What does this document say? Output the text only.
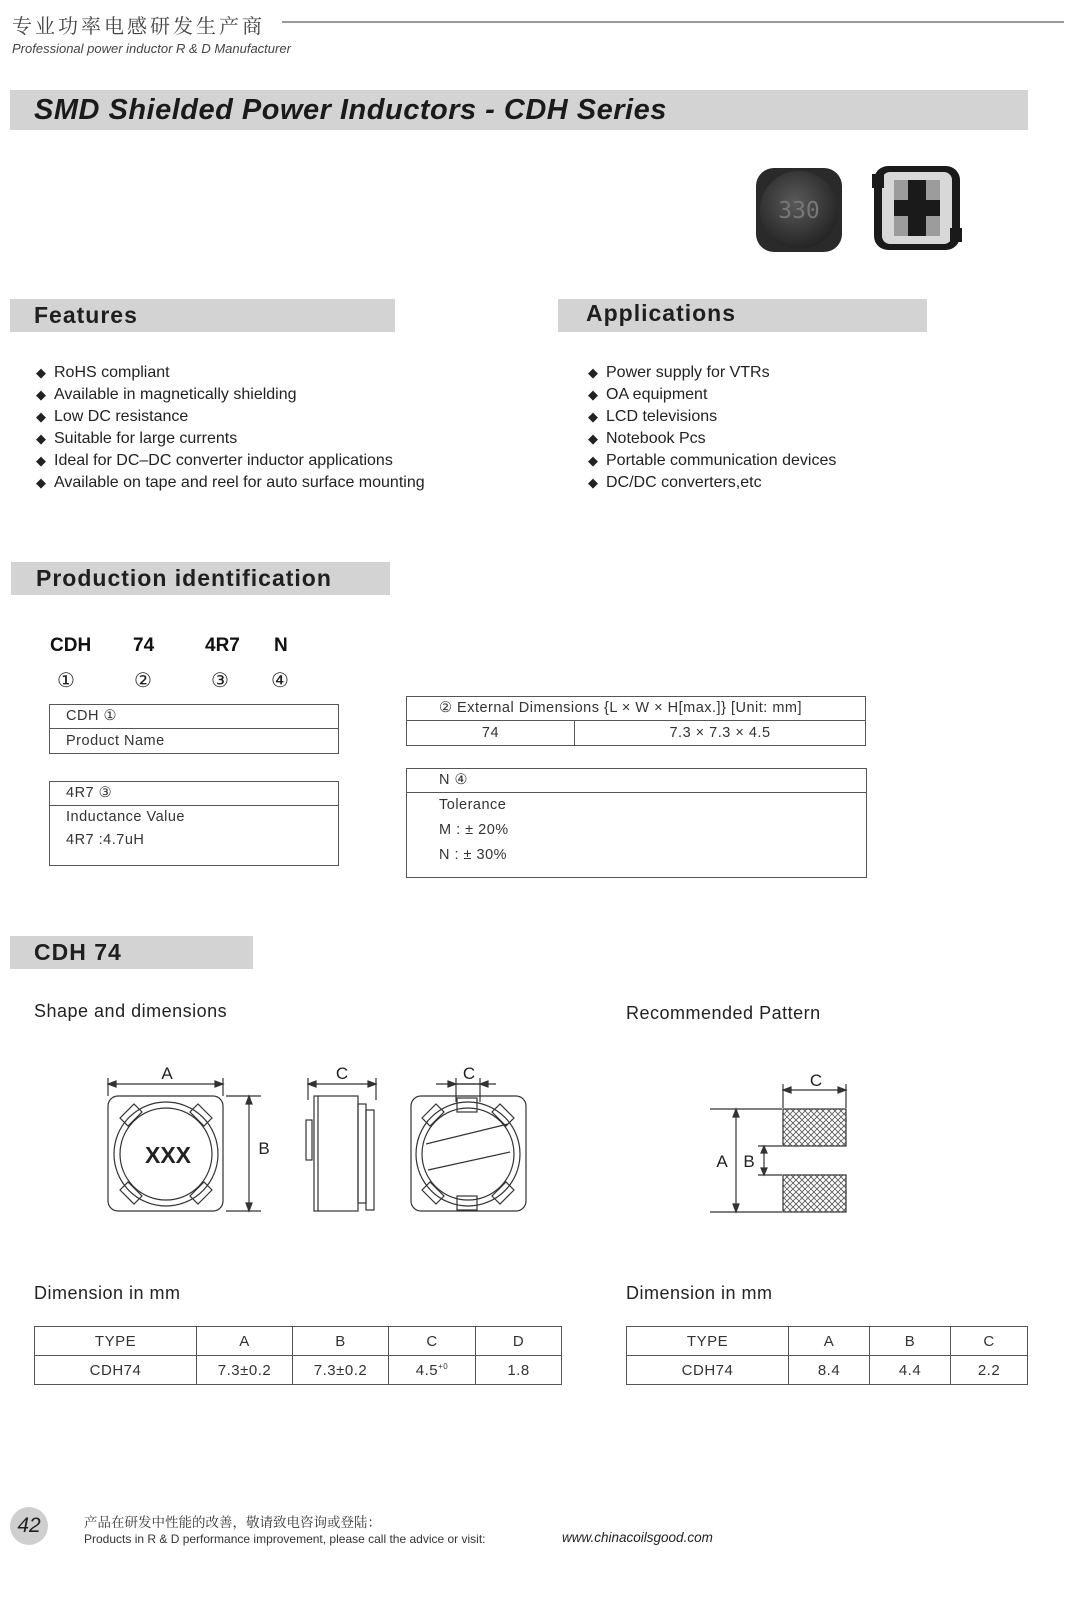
专业功率电感研发生产商
Professional power inductor R & D Manufacturer
SMD Shielded Power Inductors - CDH Series
330
Features
◆ RoHS compliant
◆ Available in magnetically shielding
◆ Low DC resistance
◆ Suitable for large currents
◆ Ideal for DC–DC converter inductor applications
◆ Available on tape and reel for auto surface mounting
Applications
◆ Power supply for VTRs
◆ OA equipment
◆ LCD televisions
◆ Notebook Pcs
◆ Portable communication devices
◆ DC/DC converters,etc
Production identification
CDH 74	4R7 N
①	②	③ ④
CDH ①
Product Name
4R7 ③
Inductance Value
4R7 :4.7uH
② External Dimensions {L × W × H[max.]} [Unit: mm]
74	7.3 × 7.3 × 4.5
N ④
Tolerance
M : ± 20%
N : ± 30%
CDH 74
Shape and dimensions	Recommended Pattern
A
B
C	C
XXX
C
A B
Dimension in mm	Dimension in mm
TYPE	A	B	C	D
CDH74	7.3±0.2	7.3±0.2	$4.5^{+0}$	1.8
TYPE	A	B	C
CDH74	8.4	4.4	2.2
42	产品在研发中性能的改善，敬请致电咨询或登陆：
Products in R & D performance improvement, please call the advice or visit:	www.chinacoilsgood.com
